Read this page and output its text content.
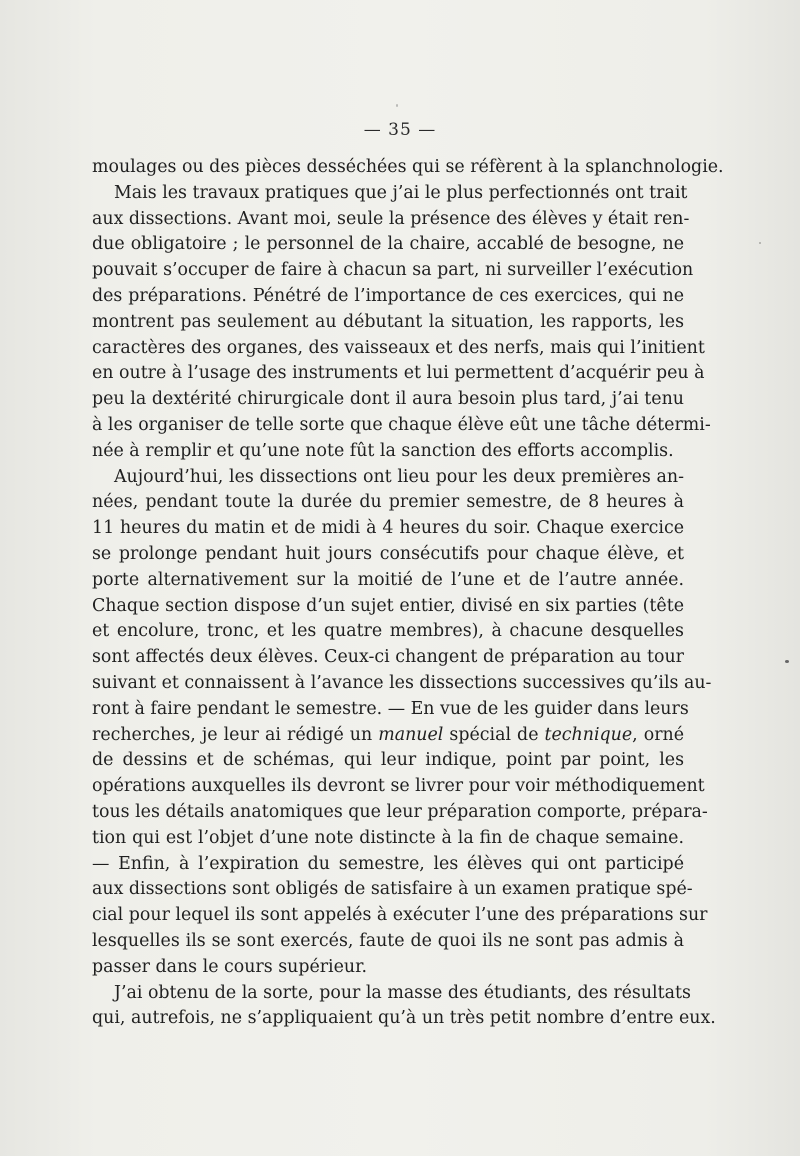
— 35 —
moulages ou des pièces desséchées qui se réfèrent à la splanchnologie.
Mais les travaux pratiques que j’ai le plus perfectionnés ont trait
aux dissections. Avant moi, seule la présence des élèves y était ren-
due obligatoire ; le personnel de la chaire, accablé de besogne, ne
pouvait s’occuper de faire à chacun sa part, ni surveiller l’exécution
des préparations. Pénétré de l’importance de ces exercices, qui ne
montrent pas seulement au débutant la situation, les rapports, les
caractères des organes, des vaisseaux et des nerfs, mais qui l’initient
en outre à l’usage des instruments et lui permettent d’acquérir peu à
peu la dextérité chirurgicale dont il aura besoin plus tard, j’ai tenu
à les organiser de telle sorte que chaque élève eût une tâche détermi-
née à remplir et qu’une note fût la sanction des efforts accomplis.
Aujourd’hui, les dissections ont lieu pour les deux premières an-
nées, pendant toute la durée du premier semestre, de 8 heures à
11 heures du matin et de midi à 4 heures du soir. Chaque exercice
se prolonge pendant huit jours consécutifs pour chaque élève, et
porte alternativement sur la moitié de l’une et de l’autre année.
Chaque section dispose d’un sujet entier, divisé en six parties (tête
et encolure, tronc, et les quatre membres), à chacune desquelles
sont affectés deux élèves. Ceux-ci changent de préparation au tour
suivant et connaissent à l’avance les dissections successives qu’ils au-
ront à faire pendant le semestre. — En vue de les guider dans leurs
recherches, je leur ai rédigé un manuel spécial de technique, orné
de dessins et de schémas, qui leur indique, point par point, les
opérations auxquelles ils devront se livrer pour voir méthodiquement
tous les détails anatomiques que leur préparation comporte, prépara-
tion qui est l’objet d’une note distincte à la fin de chaque semaine.
— Enfin, à l’expiration du semestre, les élèves qui ont participé
aux dissections sont obligés de satisfaire à un examen pratique spé-
cial pour lequel ils sont appelés à exécuter l’une des préparations sur
lesquelles ils se sont exercés, faute de quoi ils ne sont pas admis à
passer dans le cours supérieur.
J’ai obtenu de la sorte, pour la masse des étudiants, des résultats
qui, autrefois, ne s’appliquaient qu’à un très petit nombre d’entre eux.
